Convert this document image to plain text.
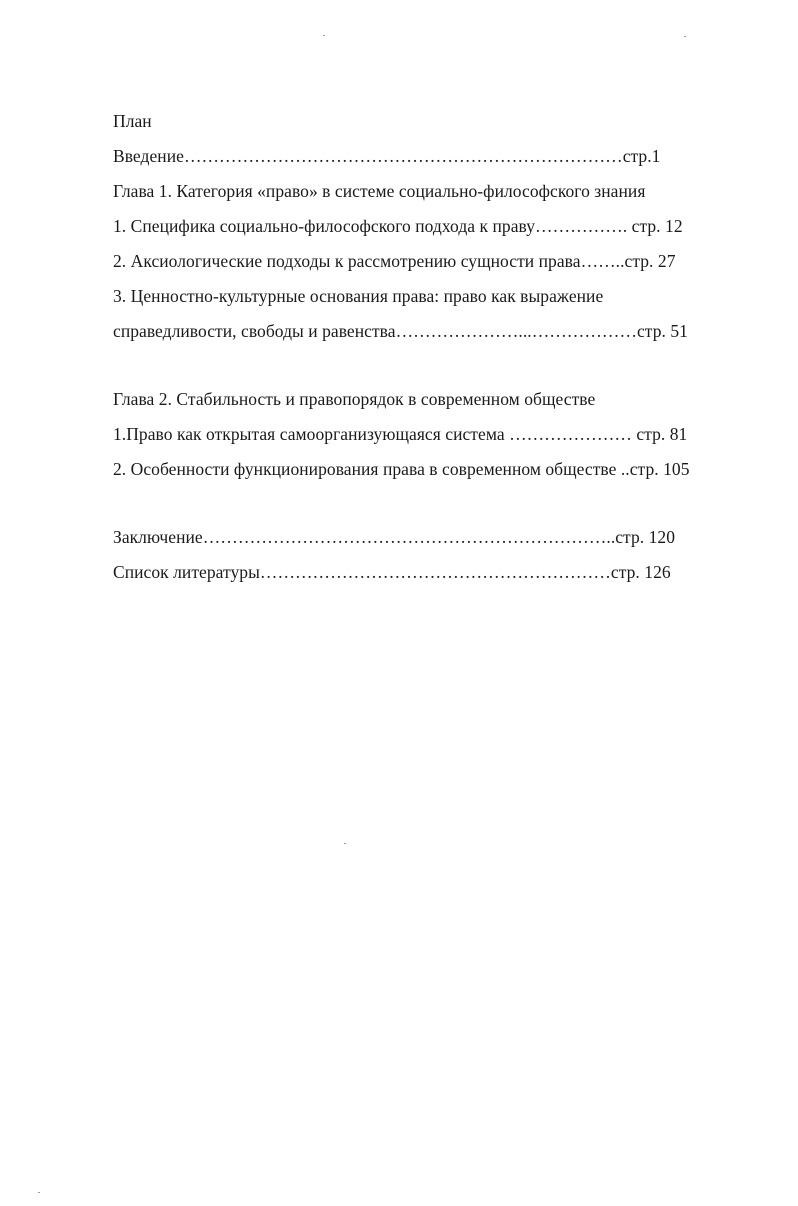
План
Введение…………………………………………………………………стр.1
Глава 1. Категория «право» в системе социально-философского знания
1. Специфика социально-философского подхода к праву……………. стр. 12
2. Аксиологические подходы к рассмотрению сущности права……..стр. 27
3. Ценностно-культурные основания права: право как выражение
справедливости, свободы и равенства…………………...………………стр. 51
Глава 2. Стабильность и правопорядок в современном обществе
1.Право как открытая самоорганизующаяся система ………………… стр. 81
2. Особенности функционирования права в современном обществе ..стр. 105
Заключение……………………………………………………………..стр. 120
Список литературы……………………………………………………стр. 126
